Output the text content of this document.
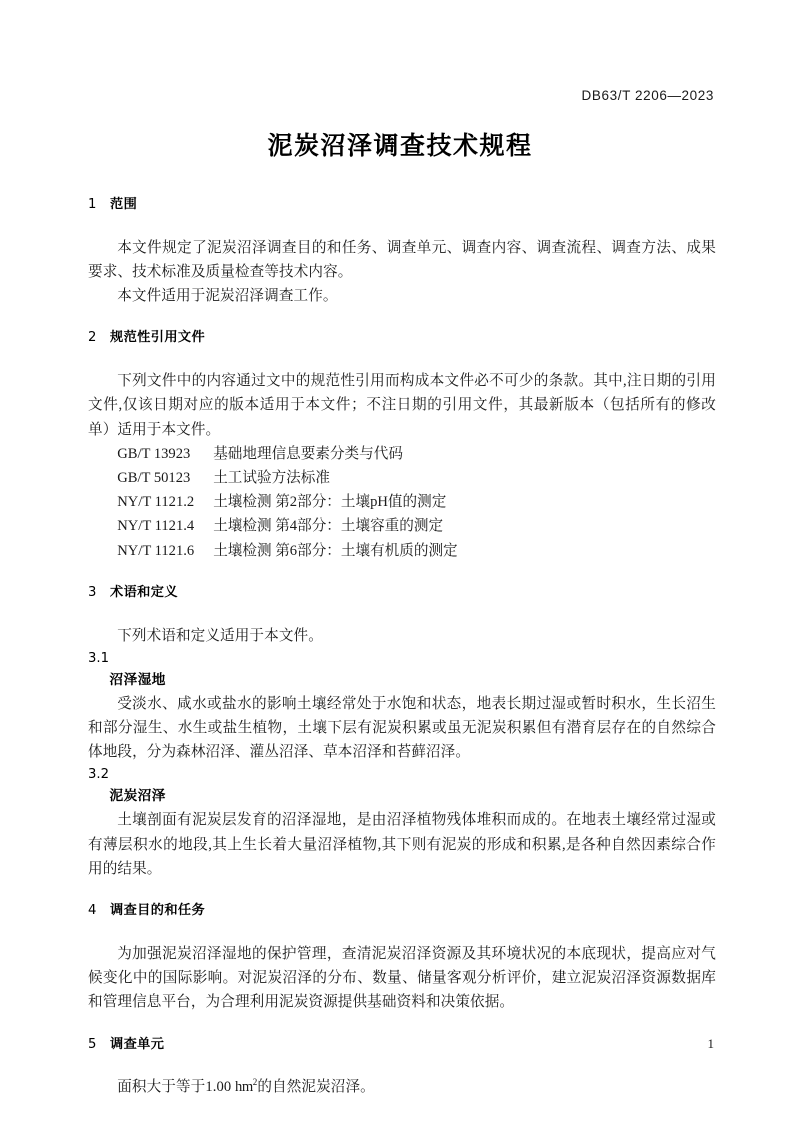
DB63/T 2206—2023
泥炭沼泽调查技术规程
1 范围

本文件规定了泥炭沼泽调查目的和任务、调查单元、调查内容、调查流程、调查方法、成果要求、技术标准及质量检查等技术内容。

本文件适用于泥炭沼泽调查工作。

2 规范性引用文件

下列文件中的内容通过文中的规范性引用而构成本文件必不可少的条款。其中,注日期的引用文件,仅该日期对应的版本适用于本文件；不注日期的引用文件，其最新版本（包括所有的修改单）适用于本文件。

GB/T 13923 基础地理信息要素分类与代码
GB/T 50123 土工试验方法标准
NY/T 1121.2 土壤检测 第2部分：土壤pH值的测定
NY/T 1121.4 土壤检测 第4部分：土壤容重的测定
NY/T 1121.6 土壤检测 第6部分：土壤有机质的测定
3 术语和定义

下列术语和定义适用于本文件。

3.1
沼泽湿地

受淡水、咸水或盐水的影响土壤经常处于水饱和状态，地表长期过湿或暂时积水，生长沼生和部分湿生、水生或盐生植物，土壤下层有泥炭积累或虽无泥炭积累但有潜育层存在的自然综合体地段，分为森林沼泽、灌丛沼泽、草本沼泽和苔藓沼泽。

3.2
泥炭沼泽

土壤剖面有泥炭层发育的沼泽湿地，是由沼泽植物残体堆积而成的。在地表土壤经常过湿或有薄层积水的地段,其上生长着大量沼泽植物,其下则有泥炭的形成和积累,是各种自然因素综合作用的结果。

4 调查目的和任务

为加强泥炭沼泽湿地的保护管理，查清泥炭沼泽资源及其环境状况的本底现状，提高应对气候变化中的国际影响。对泥炭沼泽的分布、数量、储量客观分析评价，建立泥炭沼泽资源数据库和管理信息平台，为合理利用泥炭资源提供基础资料和决策依据。

5 调查单元

面积大于等于1.00 $hm^2$的自然泥炭沼泽。

1
